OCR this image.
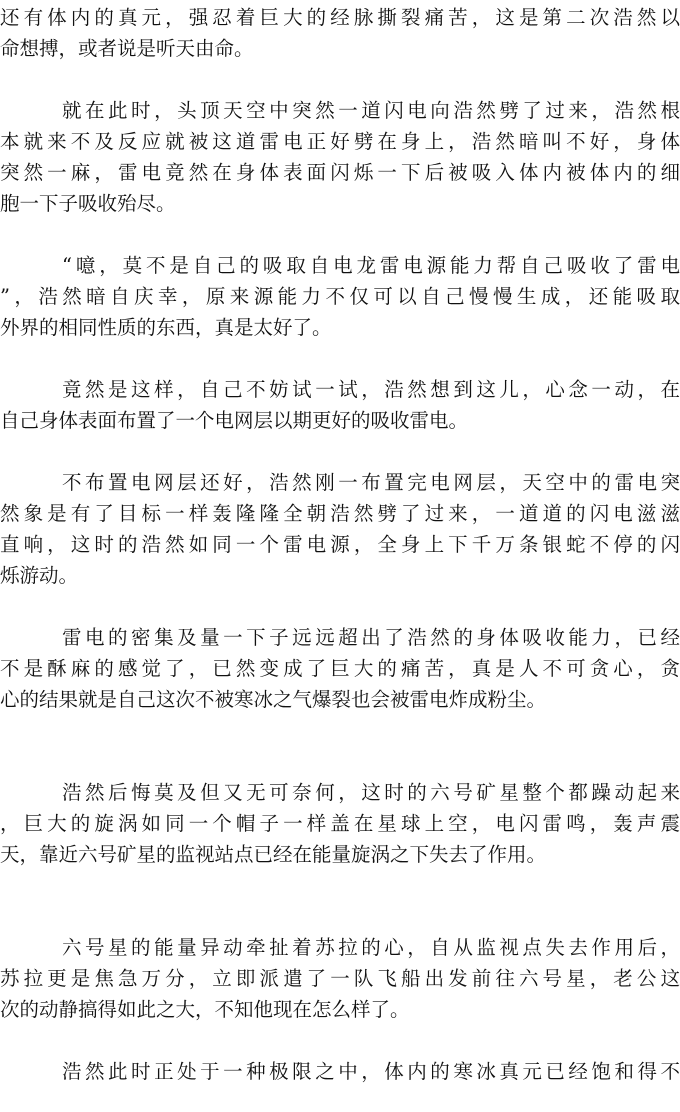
还有体内的真元，强忍着巨大的经脉撕裂痛苦，这是第二次浩然以
命想搏，或者说是听天由命。
就在此时，头顶天空中突然一道闪电向浩然劈了过来，浩然根
本就来不及反应就被这道雷电正好劈在身上，浩然暗叫不好，身体
突然一麻，雷电竟然在身体表面闪烁一下后被吸入体内被体内的细
胞一下子吸收殆尽。
“噫，莫不是自己的吸取自电龙雷电源能力帮自己吸收了雷电
”，浩然暗自庆幸，原来源能力不仅可以自己慢慢生成，还能吸取
外界的相同性质的东西，真是太好了。
竟然是这样，自己不妨试一试，浩然想到这儿，心念一动，在
自己身体表面布置了一个电网层以期更好的吸收雷电。
不布置电网层还好，浩然刚一布置完电网层，天空中的雷电突
然象是有了目标一样轰隆隆全朝浩然劈了过来，一道道的闪电滋滋
直响，这时的浩然如同一个雷电源，全身上下千万条银蛇不停的闪
烁游动。
雷电的密集及量一下子远远超出了浩然的身体吸收能力，已经
不是酥麻的感觉了，已然变成了巨大的痛苦，真是人不可贪心，贪
心的结果就是自己这次不被寒冰之气爆裂也会被雷电炸成粉尘。
浩然后悔莫及但又无可奈何，这时的六号矿星整个都躁动起来
，巨大的旋涡如同一个帽子一样盖在星球上空，电闪雷鸣，轰声震
天，靠近六号矿星的监视站点已经在能量旋涡之下失去了作用。
六号星的能量异动牵扯着苏拉的心，自从监视点失去作用后，
苏拉更是焦急万分，立即派遣了一队飞船出发前往六号星，老公这
次的动静搞得如此之大，不知他现在怎么样了。
浩然此时正处于一种极限之中，体内的寒冰真元已经饱和得不
